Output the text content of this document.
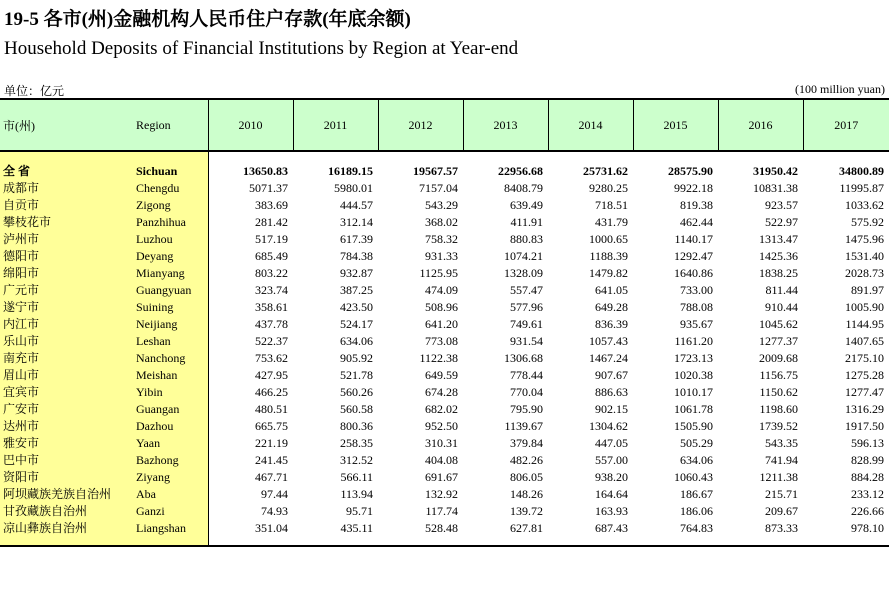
19-5 各市(州)金融机构人民币住户存款(年底余额)
Household Deposits of Financial Institutions by Region at Year-end
单位：亿元	(100 million yuan)
市(州)	Region	2010	2011	2012	2013	2014	2015	2016	2017

全省	Sichuan	13650.83	16189.15	19567.57	22956.68	25731.62	28575.90	31950.42	34800.89
成都市	Chengdu	5071.37	5980.01	7157.04	8408.79	9280.25	9922.18	10831.38	11995.87
自贡市	Zigong	383.69	444.57	543.29	639.49	718.51	819.38	923.57	1033.62
攀枝花市	Panzhihua	281.42	312.14	368.02	411.91	431.79	462.44	522.97	575.92
泸州市	Luzhou	517.19	617.39	758.32	880.83	1000.65	1140.17	1313.47	1475.96
德阳市	Deyang	685.49	784.38	931.33	1074.21	1188.39	1292.47	1425.36	1531.40
绵阳市	Mianyang	803.22	932.87	1125.95	1328.09	1479.82	1640.86	1838.25	2028.73
广元市	Guangyuan	323.74	387.25	474.09	557.47	641.05	733.00	811.44	891.97
遂宁市	Suining	358.61	423.50	508.96	577.96	649.28	788.08	910.44	1005.90
内江市	Neijiang	437.78	524.17	641.20	749.61	836.39	935.67	1045.62	1144.95
乐山市	Leshan	522.37	634.06	773.08	931.54	1057.43	1161.20	1277.37	1407.65
南充市	Nanchong	753.62	905.92	1122.38	1306.68	1467.24	1723.13	2009.68	2175.10
眉山市	Meishan	427.95	521.78	649.59	778.44	907.67	1020.38	1156.75	1275.28
宜宾市	Yibin	466.25	560.26	674.28	770.04	886.63	1010.17	1150.62	1277.47
广安市	Guangan	480.51	560.58	682.02	795.90	902.15	1061.78	1198.60	1316.29
达州市	Dazhou	665.75	800.36	952.50	1139.67	1304.62	1505.90	1739.52	1917.50
雅安市	Yaan	221.19	258.35	310.31	379.84	447.05	505.29	543.35	596.13
巴中市	Bazhong	241.45	312.52	404.08	482.26	557.00	634.06	741.94	828.99
资阳市	Ziyang	467.71	566.11	691.67	806.05	938.20	1060.43	1211.38	884.28
阿坝藏族羌族自治州	Aba	97.44	113.94	132.92	148.26	164.64	186.67	215.71	233.12
甘孜藏族自治州	Ganzi	74.93	95.71	117.74	139.72	163.93	186.06	209.67	226.66
凉山彝族自治州	Liangshan	351.04	435.11	528.48	627.81	687.43	764.83	873.33	978.10
